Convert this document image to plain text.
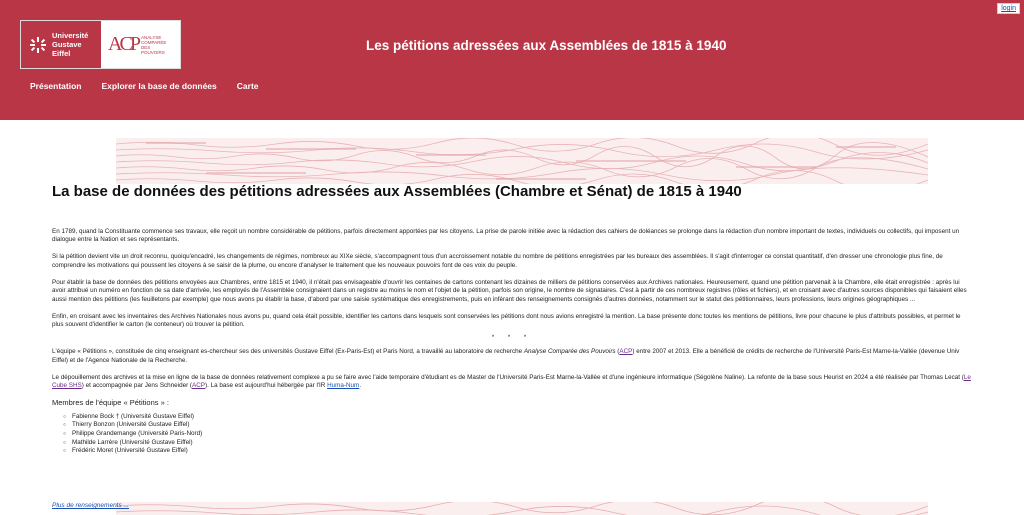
login
Université
Gustave
Eiffel	ACP ANALYSE COMPARÉE DES POUVOIRS	Les pétitions adressées aux Assemblées de 1815 à 1940
Présentation Explorer la base de données Carte
La base de données des pétitions adressées aux Assemblées (Chambre et Sénat) de 1815 à 1940

En 1789, quand la Constituante commence ses travaux, elle reçoit un nombre considérable de pétitions, parfois directement apportées par les citoyens. La prise de parole initiée avec la rédaction des cahiers de doléances se prolonge dans la rédaction d'un nombre important de textes, individuels ou collectifs, qui imposent un dialogue entre la Nation et ses représentants.

Si la pétition devient vite un droit reconnu, quoiqu'encadré, les changements de régimes, nombreux au XIXe siècle, s'accompagnent tous d'un accroissement notable du nombre de pétitions enregistrées par les bureaux des assemblées. Il s'agit d'interroger ce constat quantitatif, d'en dresser une chronologie plus fine, de comprendre les motivations qui poussent les citoyens à se saisir de la plume, ou encore d'analyser le traitement que les nouveaux pouvoirs font de ces voix du peuple.

Pour établir la base de données des pétitions envoyées aux Chambres, entre 1815 et 1940, il n'était pas envisageable d'ouvrir les centaines de cartons contenant les dizaines de milliers de pétitions conservées aux Archives nationales. Heureusement, quand une pétition parvenait à la Chambre, elle était enregistrée : après lui avoir attribué un numéro en fonction de sa date d'arrivée, les employés de l'Assemblée consignaient dans un registre au moins le nom et l'objet de la pétition, parfois son origine, le nombre de signataires. C'est à partir de ces nombreux registres (rôles et fichiers), et en croisant avec d'autres sources disponibles qui faisaient elles aussi mention des pétitions (les feuilletons par exemple) que nous avons pu établir la base, d'abord par une saisie systématique des enregistrements, puis en inférant des renseignements consignés d'autres données, notamment sur le statut des pétitionnaires, leurs professions, leurs origines géographiques ...

Enfin, en croisant avec les inventaires des Archives Nationales nous avons pu, quand cela était possible, identifier les cartons dans lesquels sont conservées les pétitions dont nous avions enregistré la mention. La base présente donc toutes les mentions de pétitions, livre pour chacune le plus d'attributs possibles, et permet le plus souvent d'identifier le carton (le conteneur) où trouver la pétition.

* * *

L'équipe « Pétitions », constituée de cinq enseignant es-chercheur ses des universités Gustave Eiffel (Ex-Paris-Est) et Paris Nord, a travaillé au laboratoire de recherche Analyse Comparée des Pouvoirs (ACP) entre 2007 et 2013. Elle a bénéficié de crédits de recherche de l'Université Paris-Est Marne-la-Vallée (devenue Univ Eiffel) et de l'Agence Nationale de la Recherche.

Le dépouillement des archives et la mise en ligne de la base de données relativement complexe a pu se faire avec l'aide temporaire d'étudiant es de Master de l'Université Paris-Est Marne-la-Vallée et d'une ingénieure informatique (Ségolène Naline). La refonte de la base sous Heurist en 2024 a été réalisée par Thomas Lecat (Le Cube SHS) et accompagnée par Jens Schneider (ACP). La base est aujourd'hui hébergée par l'IR Huma-Num.

Membres de l'équipe « Pétitions » :
○ Fabienne Bock † (Université Gustave Eiffel)
○ Thierry Bonzon (Université Gustave Eiffel)
○ Philippe Grandemange (Université Paris-Nord)
○ Mathilde Larrère (Université Gustave Eiffel)
○ Frédéric Moret (Université Gustave Eiffel)
Plus de renseignements ...
